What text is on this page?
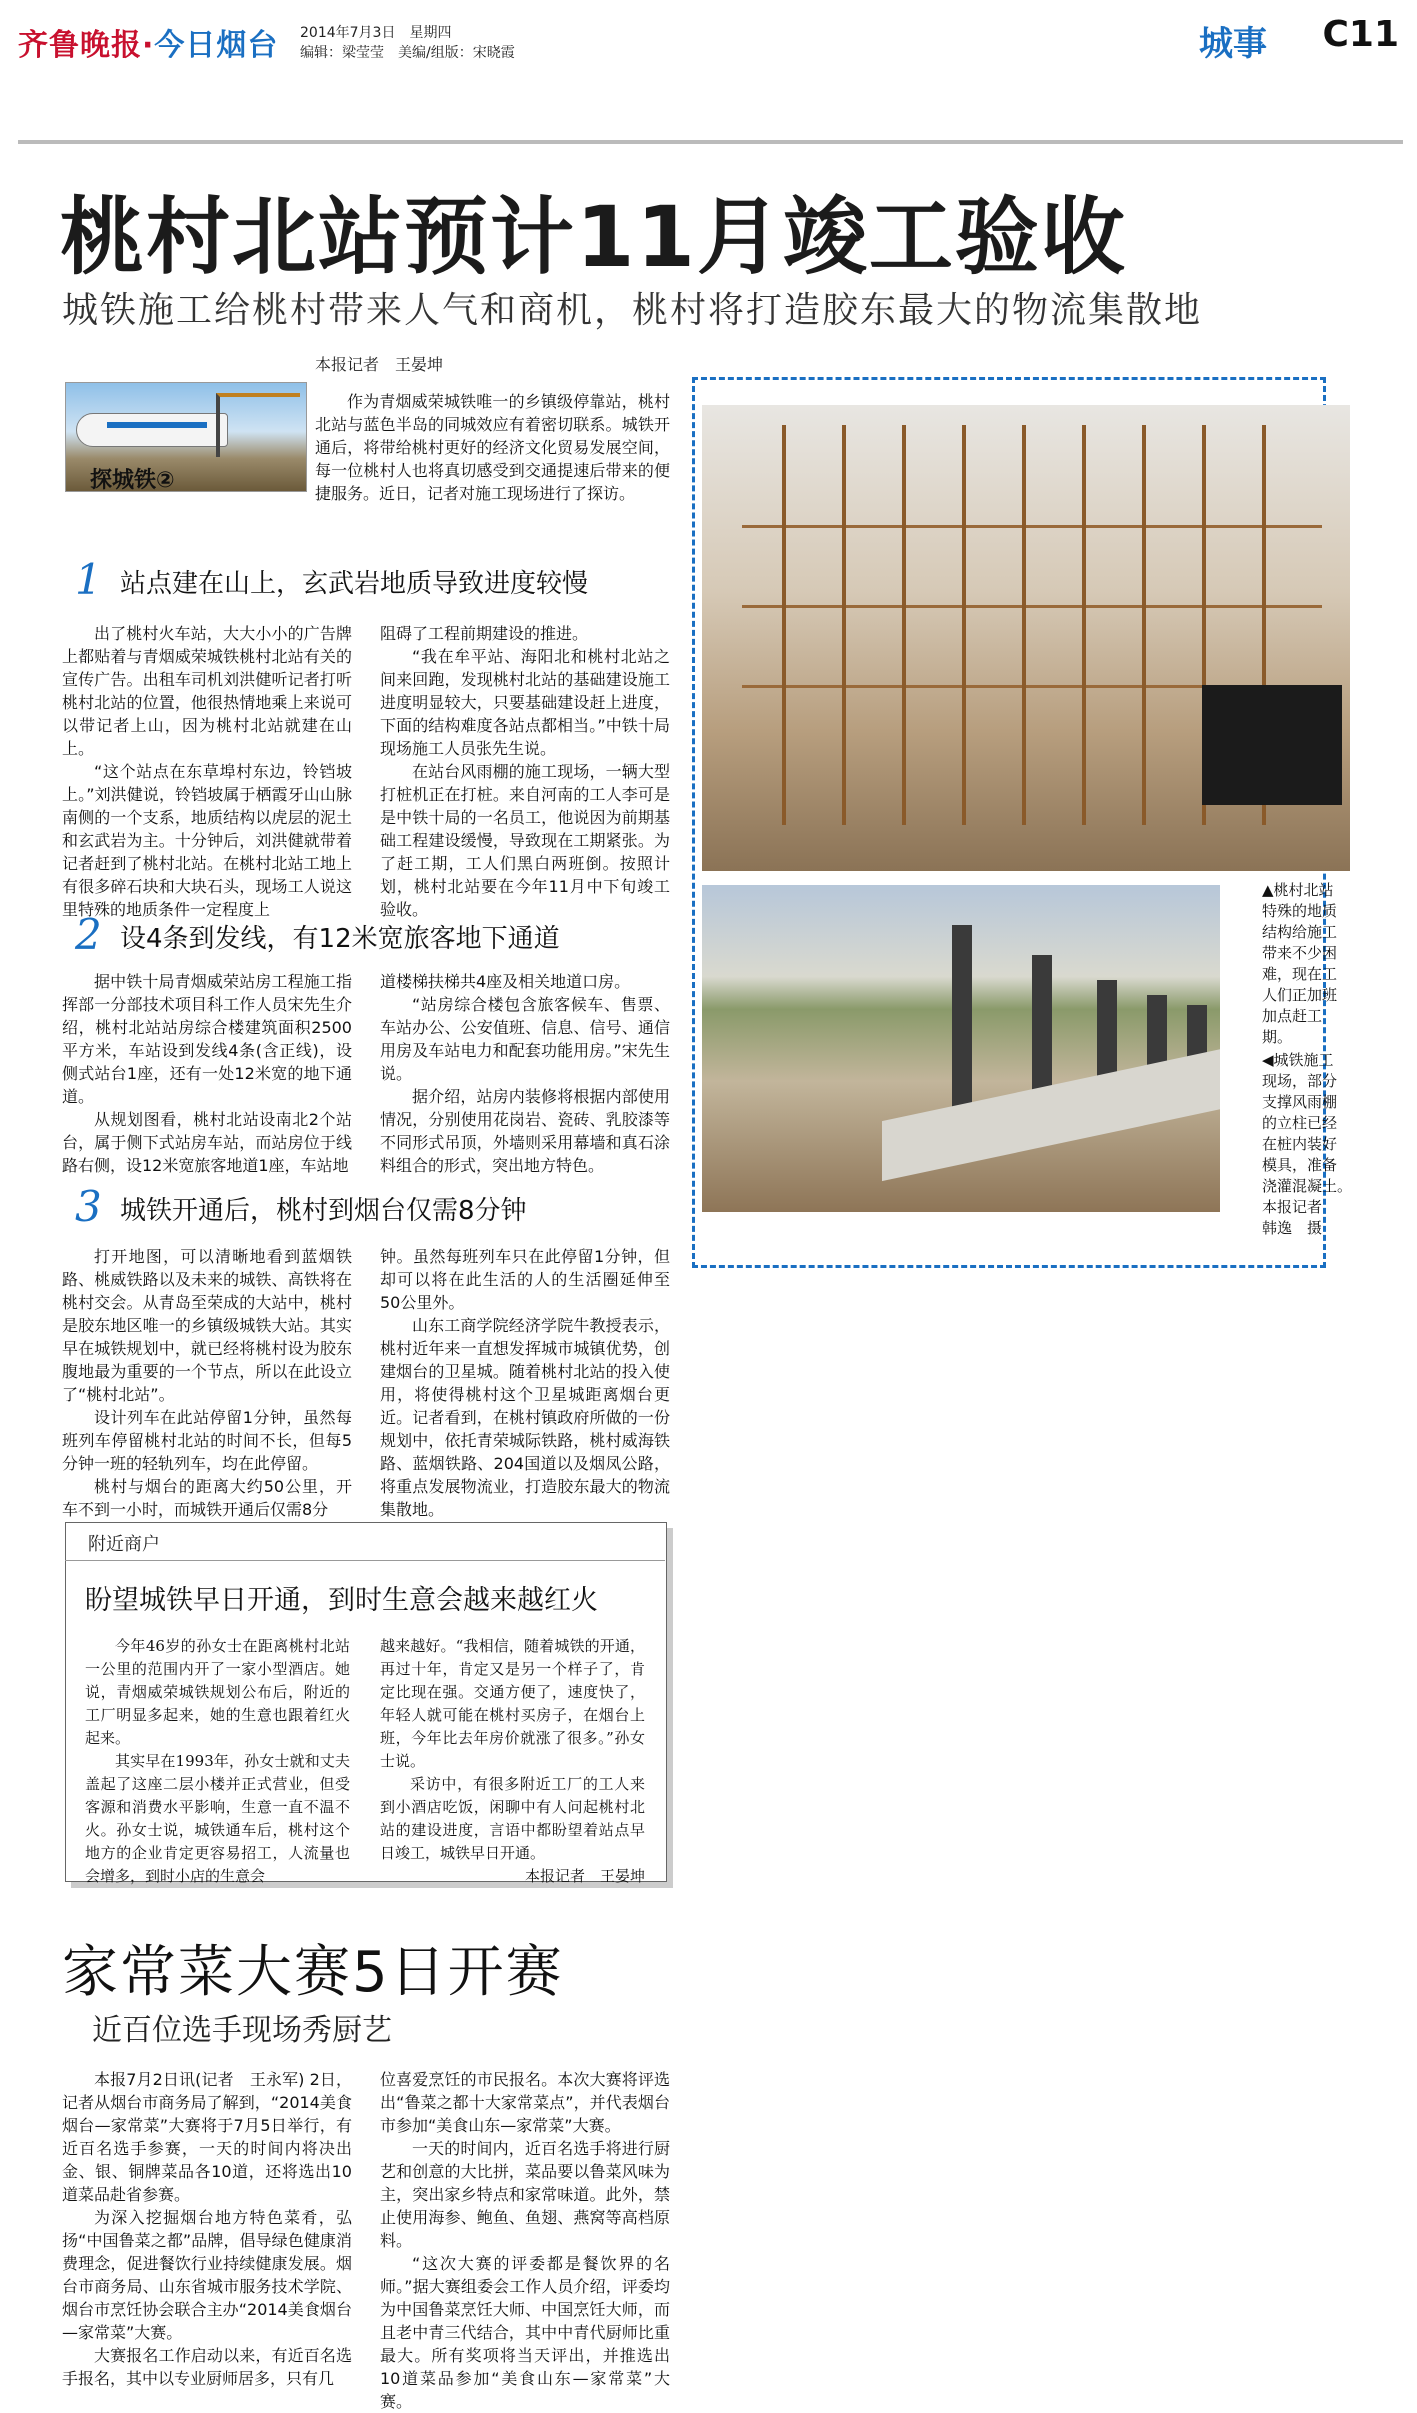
齐鲁晚报·今日烟台 2014年7月3日　星期四
编辑：梁莹莹　美编/组版：宋晓霞	城事 C11
桃村北站预计11月竣工验收
城铁施工给桃村带来人气和商机，桃村将打造胶东最大的物流集散地
本报记者　王晏坤
探城铁②

作为青烟威荣城铁唯一的乡镇级停靠站，桃村北站与蓝色半岛的同城效应有着密切联系。城铁开通后，将带给桃村更好的经济文化贸易发展空间，每一位桃村人也将真切感受到交通提速后带来的便捷服务。近日，记者对施工现场进行了探访。

1 站点建在山上，玄武岩地质导致进度较慢

出了桃村火车站，大大小小的广告牌上都贴着与青烟威荣城铁桃村北站有关的宣传广告。出租车司机刘洪健听记者打听桃村北站的位置，他很热情地乘上来说可以带记者上山，因为桃村北站就建在山上。

“这个站点在东草埠村东边，铃铛坡上。”刘洪健说，铃铛坡属于栖霞牙山山脉南侧的一个支系，地质结构以虎层的泥土和玄武岩为主。十分钟后，刘洪健就带着记者赶到了桃村北站。在桃村北站工地上有很多碎石块和大块石头，现场工人说这里特殊的地质条件一定程度上

阻碍了工程前期建设的推进。

“我在牟平站、海阳北和桃村北站之间来回跑，发现桃村北站的基础建设施工进度明显较大，只要基础建设赶上进度，下面的结构难度各站点都相当。”中铁十局现场施工人员张先生说。

在站台风雨棚的施工现场，一辆大型打桩机正在打桩。来自河南的工人李可是是中铁十局的一名员工，他说因为前期基础工程建设缓慢，导致现在工期紧张。为了赶工期，工人们黑白两班倒。按照计划，桃村北站要在今年11月中下旬竣工验收。

2 设4条到发线，有12米宽旅客地下通道

据中铁十局青烟威荣站房工程施工指挥部一分部技术项目科工作人员宋先生介绍，桃村北站站房综合楼建筑面积2500平方米，车站设到发线4条(含正线)，设侧式站台1座，还有一处12米宽的地下通道。

从规划图看，桃村北站设南北2个站台，属于侧下式站房车站，而站房位于线路右侧，设12米宽旅客地道1座，车站地

道楼梯扶梯共4座及相关地道口房。

“站房综合楼包含旅客候车、售票、车站办公、公安值班、信息、信号、通信用房及车站电力和配套功能用房。”宋先生说。

据介绍，站房内装修将根据内部使用情况，分别使用花岗岩、瓷砖、乳胶漆等不同形式吊顶，外墙则采用幕墙和真石涂料组合的形式，突出地方特色。

3 城铁开通后，桃村到烟台仅需8分钟

打开地图，可以清晰地看到蓝烟铁路、桃威铁路以及未来的城铁、高铁将在桃村交会。从青岛至荣成的大站中，桃村是胶东地区唯一的乡镇级城铁大站。其实早在城铁规划中，就已经将桃村设为胶东腹地最为重要的一个节点，所以在此设立了“桃村北站”。

设计列车在此站停留1分钟，虽然每班列车停留桃村北站的时间不长，但每5分钟一班的轻轨列车，均在此停留。

桃村与烟台的距离大约50公里，开车不到一小时，而城铁开通后仅需8分

钟。虽然每班列车只在此停留1分钟，但却可以将在此生活的人的生活圈延伸至50公里外。

山东工商学院经济学院牛教授表示，桃村近年来一直想发挥城市城镇优势，创建烟台的卫星城。随着桃村北站的投入使用，将使得桃村这个卫星城距离烟台更近。记者看到，在桃村镇政府所做的一份规划中，依托青荣城际铁路，桃村威海铁路、蓝烟铁路、204国道以及烟凤公路，将重点发展物流业，打造胶东最大的物流集散地。

▲桃村北站特殊的地质结构给施工带来不少困难，现在工人们正加班加点赶工期。
◀城铁施工现场，部分支撑风雨棚的立柱已经在桩内装好模具，准备浇灌混凝土。　本报记者　韩逸　摄
附近商户
盼望城铁早日开通，到时生意会越来越红火

今年46岁的孙女士在距离桃村北站一公里的范围内开了一家小型酒店。她说，青烟威荣城铁规划公布后，附近的工厂明显多起来，她的生意也跟着红火起来。

其实早在1993年，孙女士就和丈夫盖起了这座二层小楼并正式营业，但受客源和消费水平影响，生意一直不温不火。孙女士说，城铁通车后，桃村这个地方的企业肯定更容易招工，人流量也会增多，到时小店的生意会

越来越好。“我相信，随着城铁的开通，再过十年，肯定又是另一个样子了，肯定比现在强。交通方便了，速度快了，年轻人就可能在桃村买房子，在烟台上班，今年比去年房价就涨了很多。”孙女士说。

采访中，有很多附近工厂的工人来到小酒店吃饭，闲聊中有人问起桃村北站的建设进度，言语中都盼望着站点早日竣工，城铁早日开通。

本报记者　王晏坤

家常菜大赛5日开赛
近百位选手现场秀厨艺

本报7月2日讯(记者　王永军) 2日，记者从烟台市商务局了解到，“2014美食烟台—家常菜”大赛将于7月5日举行，有近百名选手参赛，一天的时间内将决出金、银、铜牌菜品各10道，还将选出10道菜品赴省参赛。

为深入挖掘烟台地方特色菜肴，弘扬“中国鲁菜之都”品牌，倡导绿色健康消费理念，促进餐饮行业持续健康发展。烟台市商务局、山东省城市服务技术学院、烟台市烹饪协会联合主办“2014美食烟台—家常菜”大赛。

大赛报名工作启动以来，有近百名选手报名，其中以专业厨师居多，只有几

位喜爱烹饪的市民报名。本次大赛将评选出“鲁菜之都十大家常菜点”，并代表烟台市参加“美食山东—家常菜”大赛。

一天的时间内，近百名选手将进行厨艺和创意的大比拼，菜品要以鲁菜风味为主，突出家乡特点和家常味道。此外，禁止使用海参、鲍鱼、鱼翅、燕窝等高档原料。

“这次大赛的评委都是餐饮界的名师。”据大赛组委会工作人员介绍，评委均为中国鲁菜烹饪大师、中国烹饪大师，而且老中青三代结合，其中中青代厨师比重最大。所有奖项将当天评出，并推选出10道菜品参加“美食山东—家常菜”大赛。
